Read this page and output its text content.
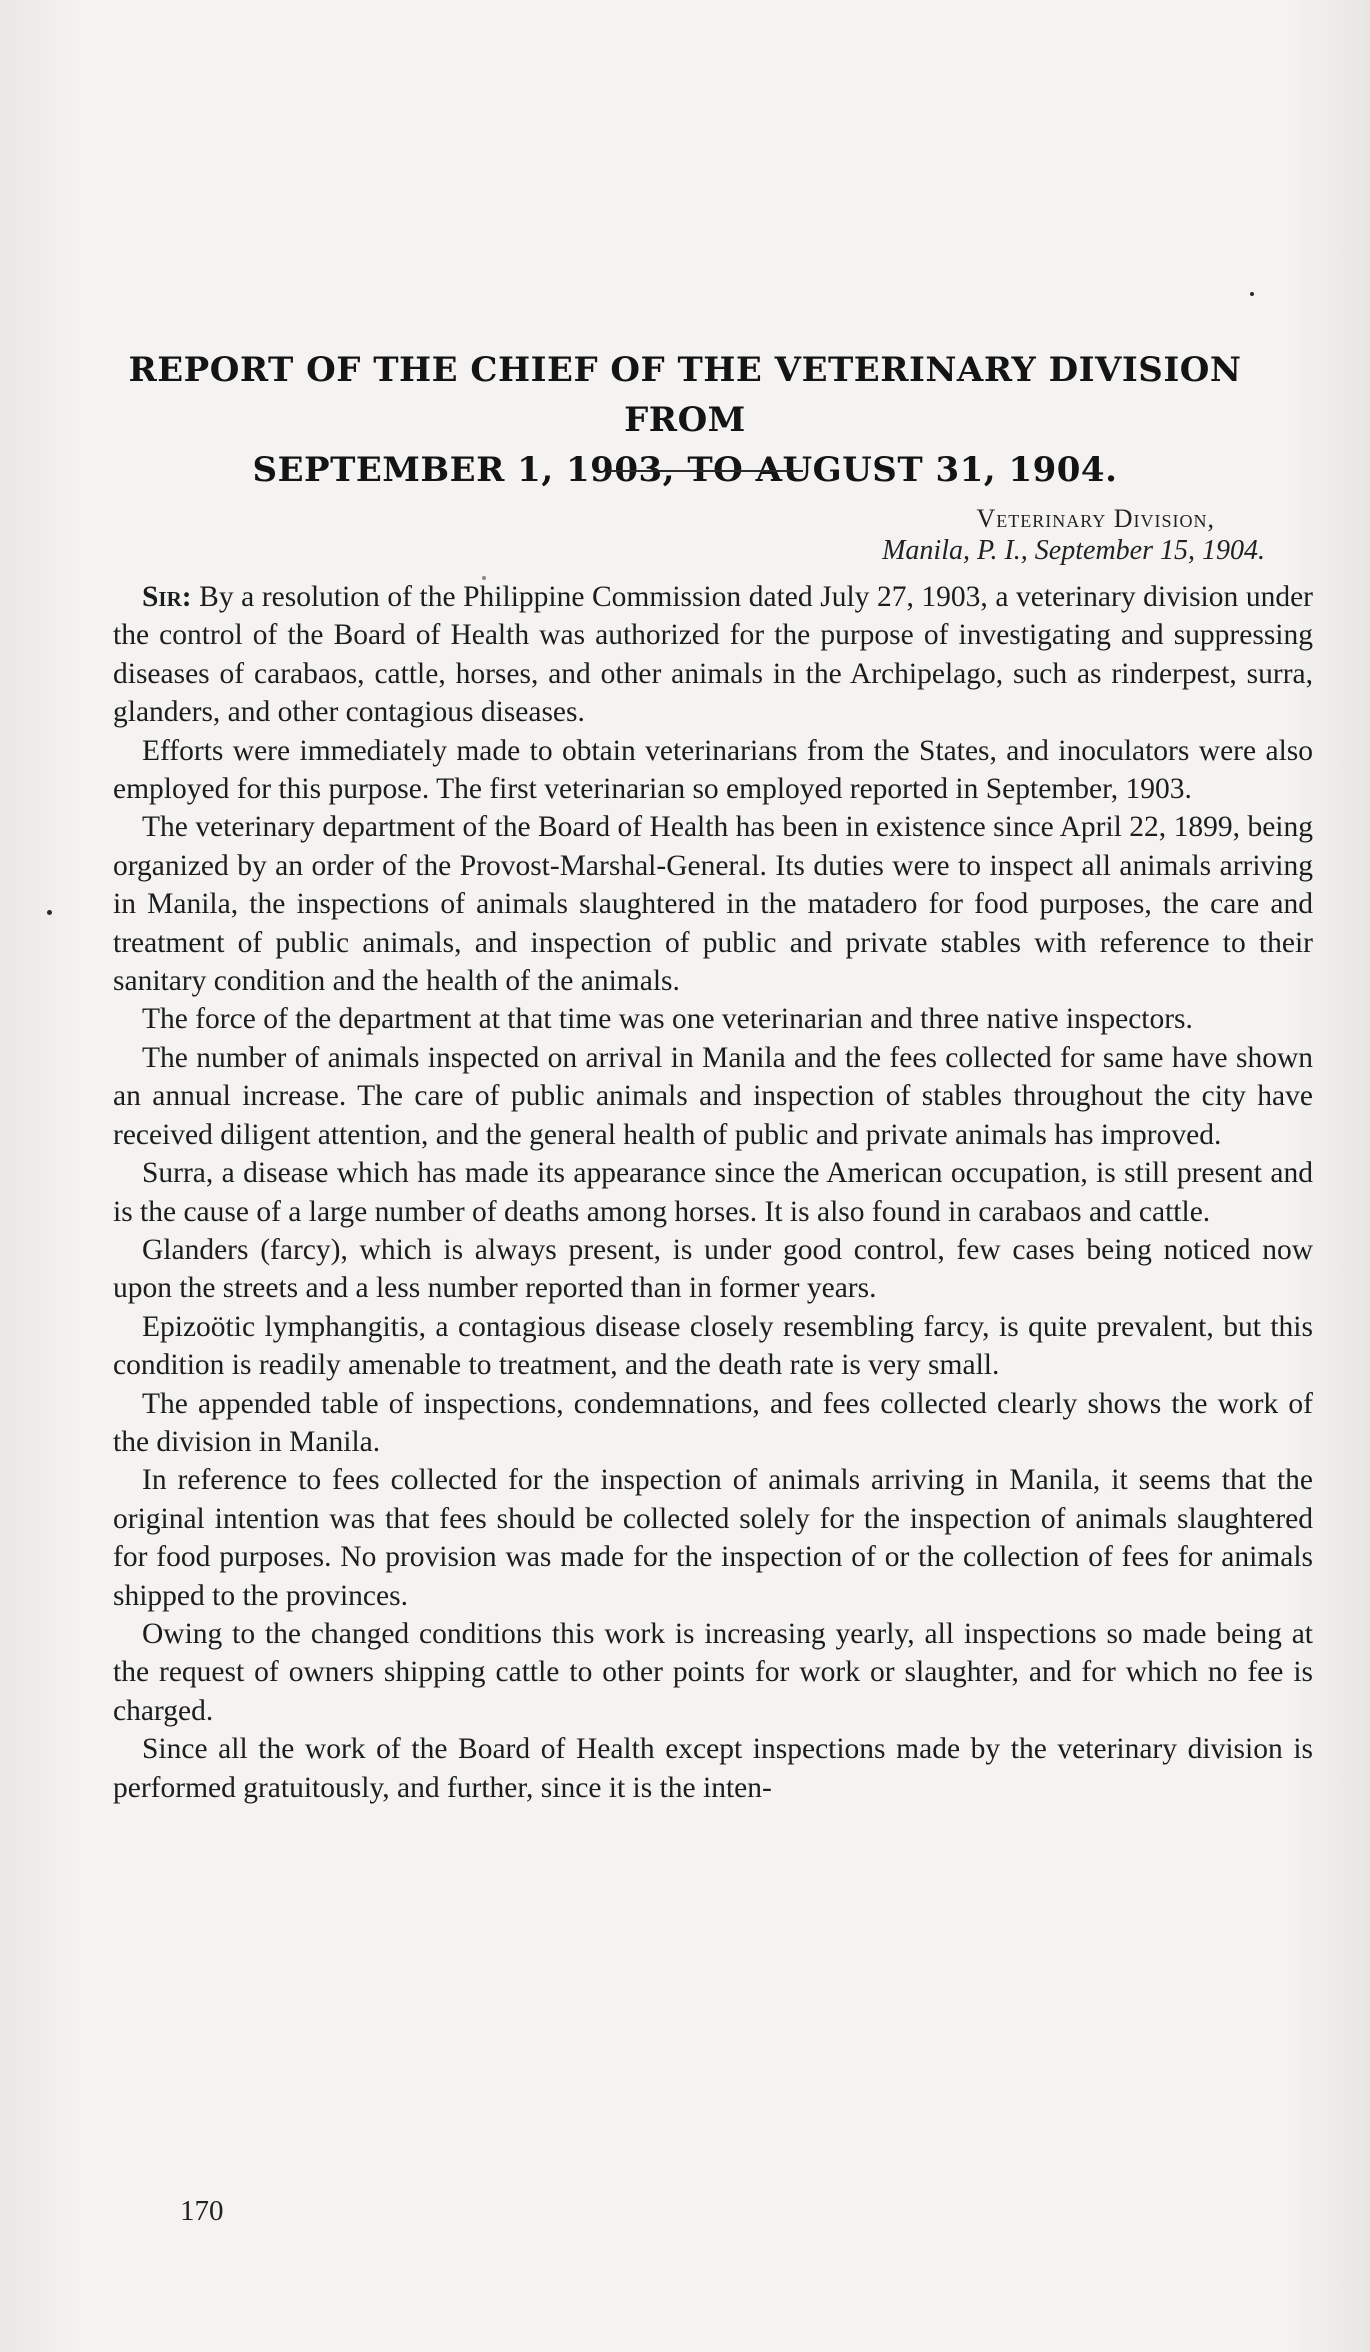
REPORT OF THE CHIEF OF THE VETERINARY DIVISION FROM
SEPTEMBER 1, 1903, TO AUGUST 31, 1904.
Veterinary Division,
Manila, P. I., September 15, 1904.

Sir: By a resolution of the Philippine Commission dated July 27, 1903, a veterinary division under the control of the Board of Health was authorized for the purpose of investigating and suppressing diseases of carabaos, cattle, horses, and other animals in the Archipelago, such as rinderpest, surra, glanders, and other contagious diseases.

Efforts were immediately made to obtain veterinarians from the States, and inoculators were also employed for this purpose. The first veterinarian so employed reported in September, 1903.

The veterinary department of the Board of Health has been in existence since April 22, 1899, being organized by an order of the Provost-Marshal-General. Its duties were to inspect all animals arriving in Manila, the inspections of animals slaughtered in the matadero for food purposes, the care and treatment of public animals, and inspection of public and private stables with reference to their sanitary condition and the health of the animals.

The force of the department at that time was one veterinarian and three native inspectors.

The number of animals inspected on arrival in Manila and the fees collected for same have shown an annual increase. The care of public animals and inspection of stables throughout the city have received diligent attention, and the general health of public and private animals has improved.

Surra, a disease which has made its appearance since the American occupation, is still present and is the cause of a large number of deaths among horses. It is also found in carabaos and cattle.

Glanders (farcy), which is always present, is under good control, few cases being noticed now upon the streets and a less number reported than in former years.

Epizoötic lymphangitis, a contagious disease closely resembling farcy, is quite prevalent, but this condition is readily amenable to treatment, and the death rate is very small.

The appended table of inspections, condemnations, and fees collected clearly shows the work of the division in Manila.

In reference to fees collected for the inspection of animals arriving in Manila, it seems that the original intention was that fees should be collected solely for the inspection of animals slaughtered for food purposes. No provision was made for the inspection of or the collection of fees for animals shipped to the provinces.

Owing to the changed conditions this work is increasing yearly, all inspections so made being at the request of owners shipping cattle to other points for work or slaughter, and for which no fee is charged.

Since all the work of the Board of Health except inspections made by the veterinary division is performed gratuitously, and further, since it is the inten-

170
